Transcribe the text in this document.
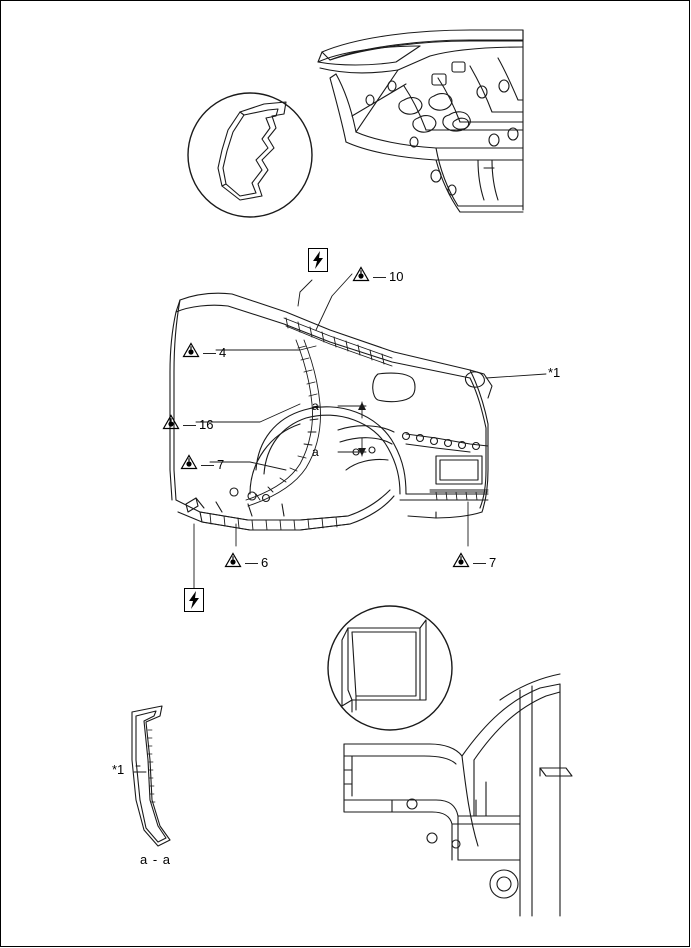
— 10
— 4
— 16
— 7
— 6	— 7
*1
*1
a
a
a - a
